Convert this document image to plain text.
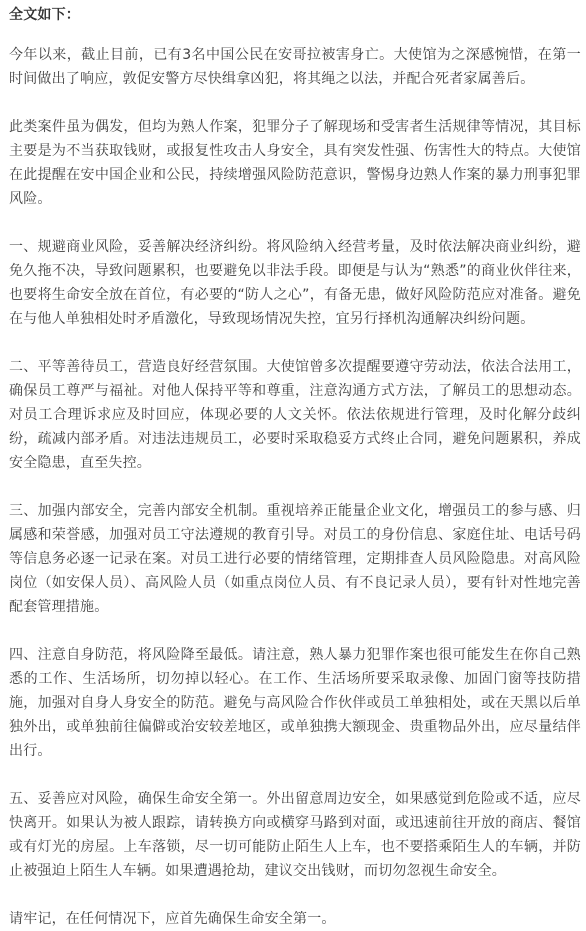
全文如下：

今年以来，截止目前，已有3名中国公民在安哥拉被害身亡。大使馆为之深感惋惜，在第一时间做出了响应，敦促安警方尽快缉拿凶犯，将其绳之以法，并配合死者家属善后。

此类案件虽为偶发，但均为熟人作案，犯罪分子了解现场和受害者生活规律等情况，其目标主要是为不当获取钱财，或报复性攻击人身安全，具有突发性强、伤害性大的特点。大使馆在此提醒在安中国企业和公民，持续增强风险防范意识，警惕身边熟人作案的暴力刑事犯罪风险。

一、规避商业风险，妥善解决经济纠纷。将风险纳入经营考量，及时依法解决商业纠纷，避免久拖不决，导致问题累积，也要避免以非法手段。即便是与认为“熟悉”的商业伙伴往来，也要将生命安全放在首位，有必要的“防人之心”，有备无患，做好风险防范应对准备。避免在与他人单独相处时矛盾激化，导致现场情况失控，宜另行择机沟通解决纠纷问题。

二、平等善待员工，营造良好经营氛围。大使馆曾多次提醒要遵守劳动法，依法合法用工，确保员工尊严与福祉。对他人保持平等和尊重，注意沟通方式方法，了解员工的思想动态。对员工合理诉求应及时回应，体现必要的人文关怀。依法依规进行管理，及时化解分歧纠纷，疏减内部矛盾。对违法违规员工，必要时采取稳妥方式终止合同，避免问题累积，养成安全隐患，直至失控。

三、加强内部安全，完善内部安全机制。重视培养正能量企业文化，增强员工的参与感、归属感和荣誉感，加强对员工守法遵规的教育引导。对员工的身份信息、家庭住址、电话号码等信息务必逐一记录在案。对员工进行必要的情绪管理，定期排查人员风险隐患。对高风险岗位（如安保人员）、高风险人员（如重点岗位人员、有不良记录人员），要有针对性地完善配套管理措施。

四、注意自身防范，将风险降至最低。请注意，熟人暴力犯罪作案也很可能发生在你自己熟悉的工作、生活场所，切勿掉以轻心。在工作、生活场所要采取录像、加固门窗等技防措施，加强对自身人身安全的防范。避免与高风险合作伙伴或员工单独相处，或在天黑以后单独外出，或单独前往偏僻或治安较差地区，或单独携大额现金、贵重物品外出，应尽量结伴出行。

五、妥善应对风险，确保生命安全第一。外出留意周边安全，如果感觉到危险或不适，应尽快离开。如果认为被人跟踪，请转换方向或横穿马路到对面，或迅速前往开放的商店、餐馆或有灯光的房屋。上车落锁，尽一切可能防止陌生人上车，也不要搭乘陌生人的车辆，并防止被强迫上陌生人车辆。如果遭遇抢劫，建议交出钱财，而切勿忽视生命安全。

请牢记，在任何情况下，应首先确保生命安全第一。
